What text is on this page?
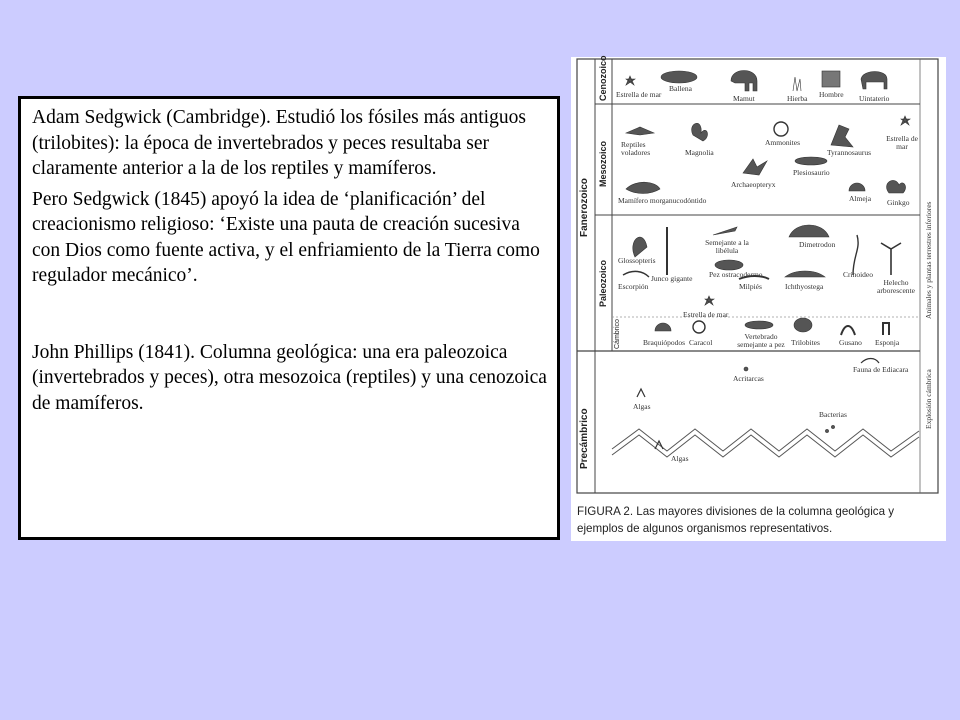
Adam Sedgwick (Cambridge). Estudió los fósiles más antiguos (trilobites): la época de invertebrados y peces resultaba ser claramente anterior a la de los reptiles y mamíferos.

Pero Sedgwick (1845) apoyó la idea de ‘planificación’ del creacionismo religioso: ‘Existe una pauta de creación sucesiva con Dios como fuente activa, y el enfriamiento de la Tierra como regulador mecánico’.

John Phillips (1841). Columna geológica: una era paleozoica (invertebrados y peces), otra mesozoica (reptiles) y una cenozoica de mamíferos.

Fanerozoico
Precámbrico
Cenozoico
Mesozoico
Paleozoico
Cámbrico
Animales y plantas terrestres inferiores
Explosión cámbrica
Estrella de mar
Ballena
Mamut	Hierba Hombre Uintaterio
Reptiles voladores	Magnolia
Ammonites
Tyrannosaurus
Estrella de mar
Archaeopteryx
Plesiosaurio
Mamífero morganucodóntido	Almeja Ginkgo
Glossopteris
Semejante a la libélula
Dimetrodon
Junco gigante Pez ostracodermo
Escorpión	Milpiés	Ichthyostega
Crinoideo
Helecho arborescente
Estrella de mar
Braquiópodos Caracol
Vertebrado semejante a pez Trilobites	Gusano Esponja
Acritarcas
Fauna de Ediacara
Algas
Bacterias
Algas
FIGURA 2. Las mayores divisiones de la columna geológica y ejemplos de algunos organismos representativos.
